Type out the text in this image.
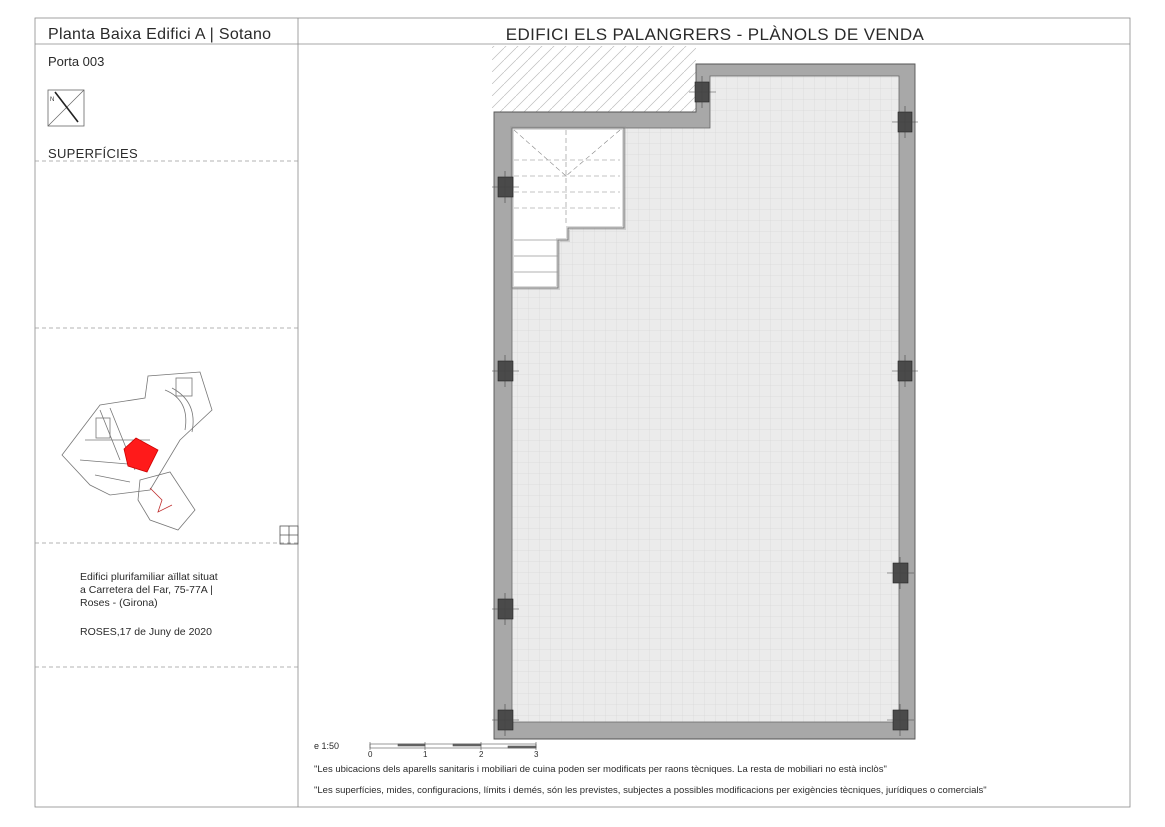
N
Planta Baixa Edifici A | Sotano	EDIFICI ELS PALANGRERS - PLÀNOLS DE VENDA
Porta 003
SUPERFÍCIES
Edifici plurifamiliar aïllat situat
a Carretera del Far, 75-77A |
Roses - (Girona)
ROSES,17 de Juny de 2020
e 1:50
0	1	2	3
"Les ubicacions dels aparells sanitaris i mobiliari de cuina poden ser modificats per raons tècniques. La resta de mobiliari no està inclòs"
"Les superfícies, mides, configuracions, límits i demés, són les previstes, subjectes a possibles modificacions per exigències tècniques, jurídiques o comercials"
